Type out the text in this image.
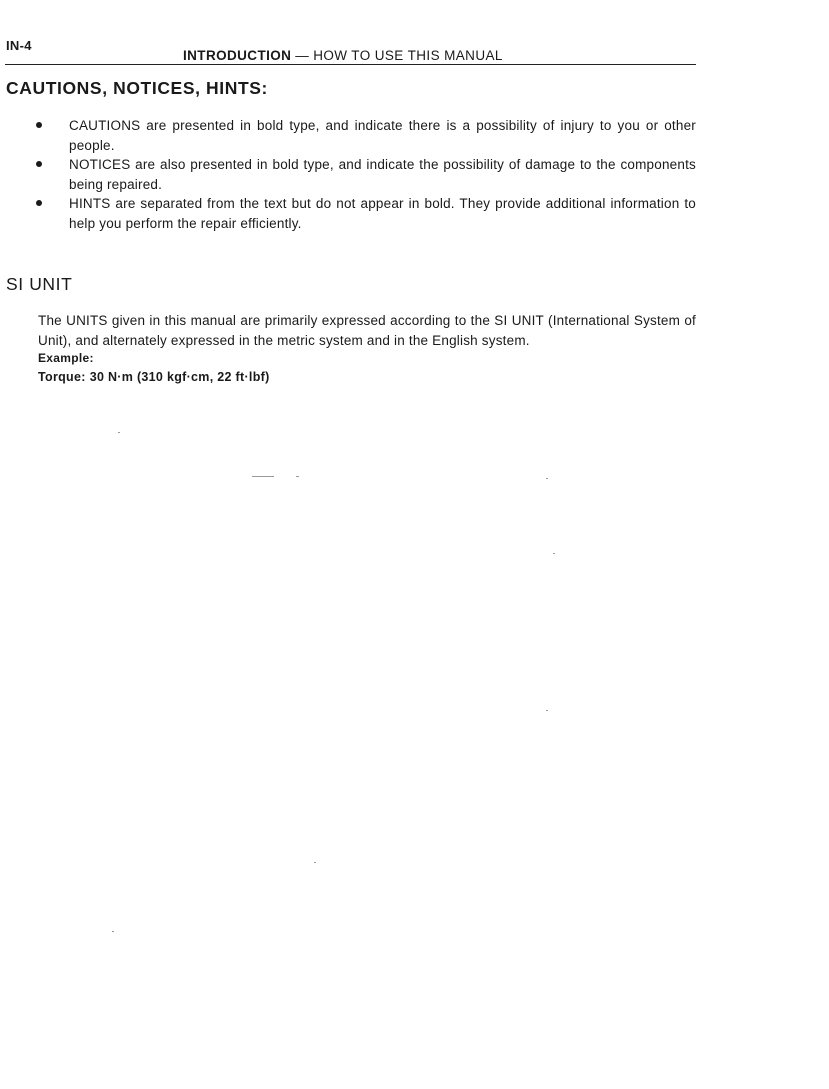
IN-4
INTRODUCTION — HOW TO USE THIS MANUAL
CAUTIONS, NOTICES, HINTS:
CAUTIONS are presented in bold type, and indicate there is a possibility of injury to you or other people.
NOTICES are also presented in bold type, and indicate the possibility of damage to the components being repaired.
HINTS are separated from the text but do not appear in bold. They provide additional information to help you perform the repair efficiently.
SI UNIT
The UNITS given in this manual are primarily expressed according to the SI UNIT (International System of Unit), and alternately expressed in the metric system and in the English system.
Example:
Torque: 30 N·m (310 kgf·cm, 22 ft·lbf)
